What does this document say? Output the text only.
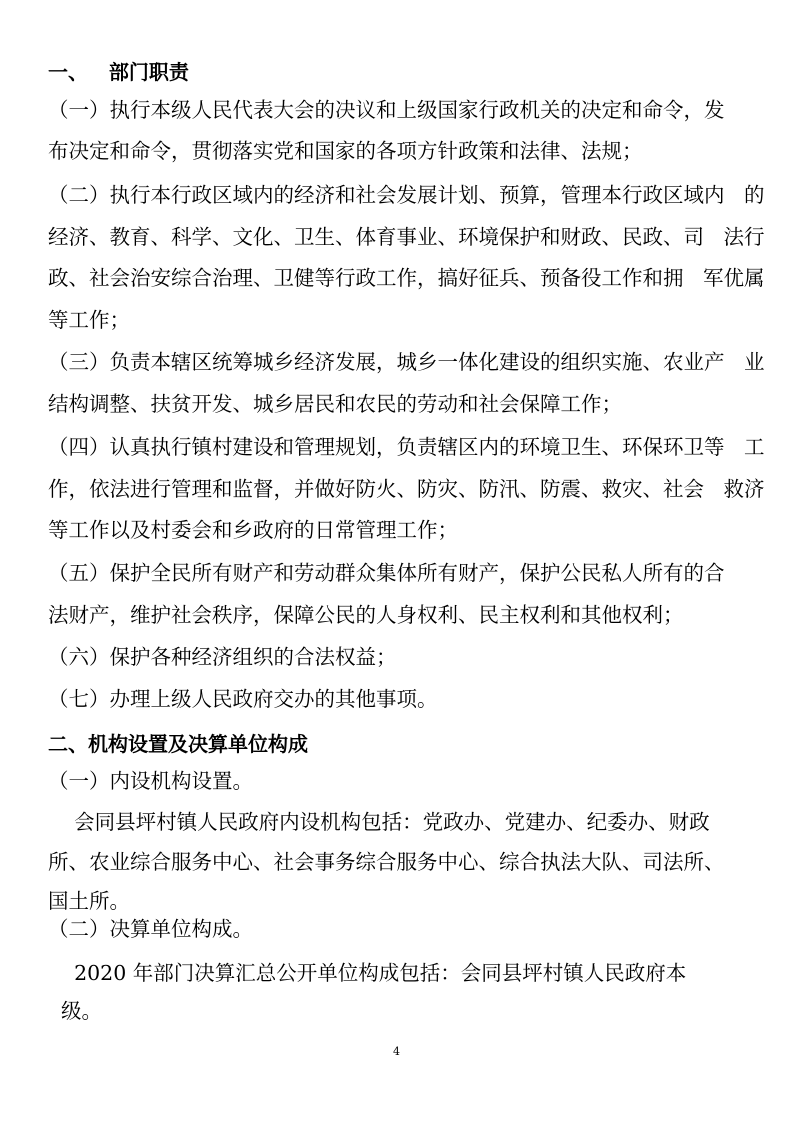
一、   部门职责
（一）执行本级人民代表大会的决议和上级国家行政机关的决定和命令，发
布决定和命令，贯彻落实党和国家的各项方针政策和法律、法规；
（二）执行本行政区域内的经济和社会发展计划、预算，管理本行政区域内   的
经济、教育、科学、文化、卫生、体育事业、环境保护和财政、民政、司   法行
政、社会治安综合治理、卫健等行政工作，搞好征兵、预备役工作和拥   军优属
等工作；
（三）负责本辖区统筹城乡经济发展，城乡一体化建设的组织实施、农业产   业
结构调整、扶贫开发、城乡居民和农民的劳动和社会保障工作；
（四）认真执行镇村建设和管理规划，负责辖区内的环境卫生、环保环卫等   工
作，依法进行管理和监督，并做好防火、防灾、防汛、防震、救灾、社会   救济
等工作以及村委会和乡政府的日常管理工作；
（五）保护全民所有财产和劳动群众集体所有财产，保护公民私人所有的合
法财产，维护社会秩序，保障公民的人身权利、民主权利和其他权利；
（六）保护各种经济组织的合法权益；
（七）办理上级人民政府交办的其他事项。
二、机构设置及决算单位构成
（一）内设机构设置。
会同县坪村镇人民政府内设机构包括：党政办、党建办、纪委办、财政
所、农业综合服务中心、社会事务综合服务中心、综合执法大队、司法所、
国土所。
（二）决算单位构成。
2020 年部门决算汇总公开单位构成包括：会同县坪村镇人民政府本
级。
4
